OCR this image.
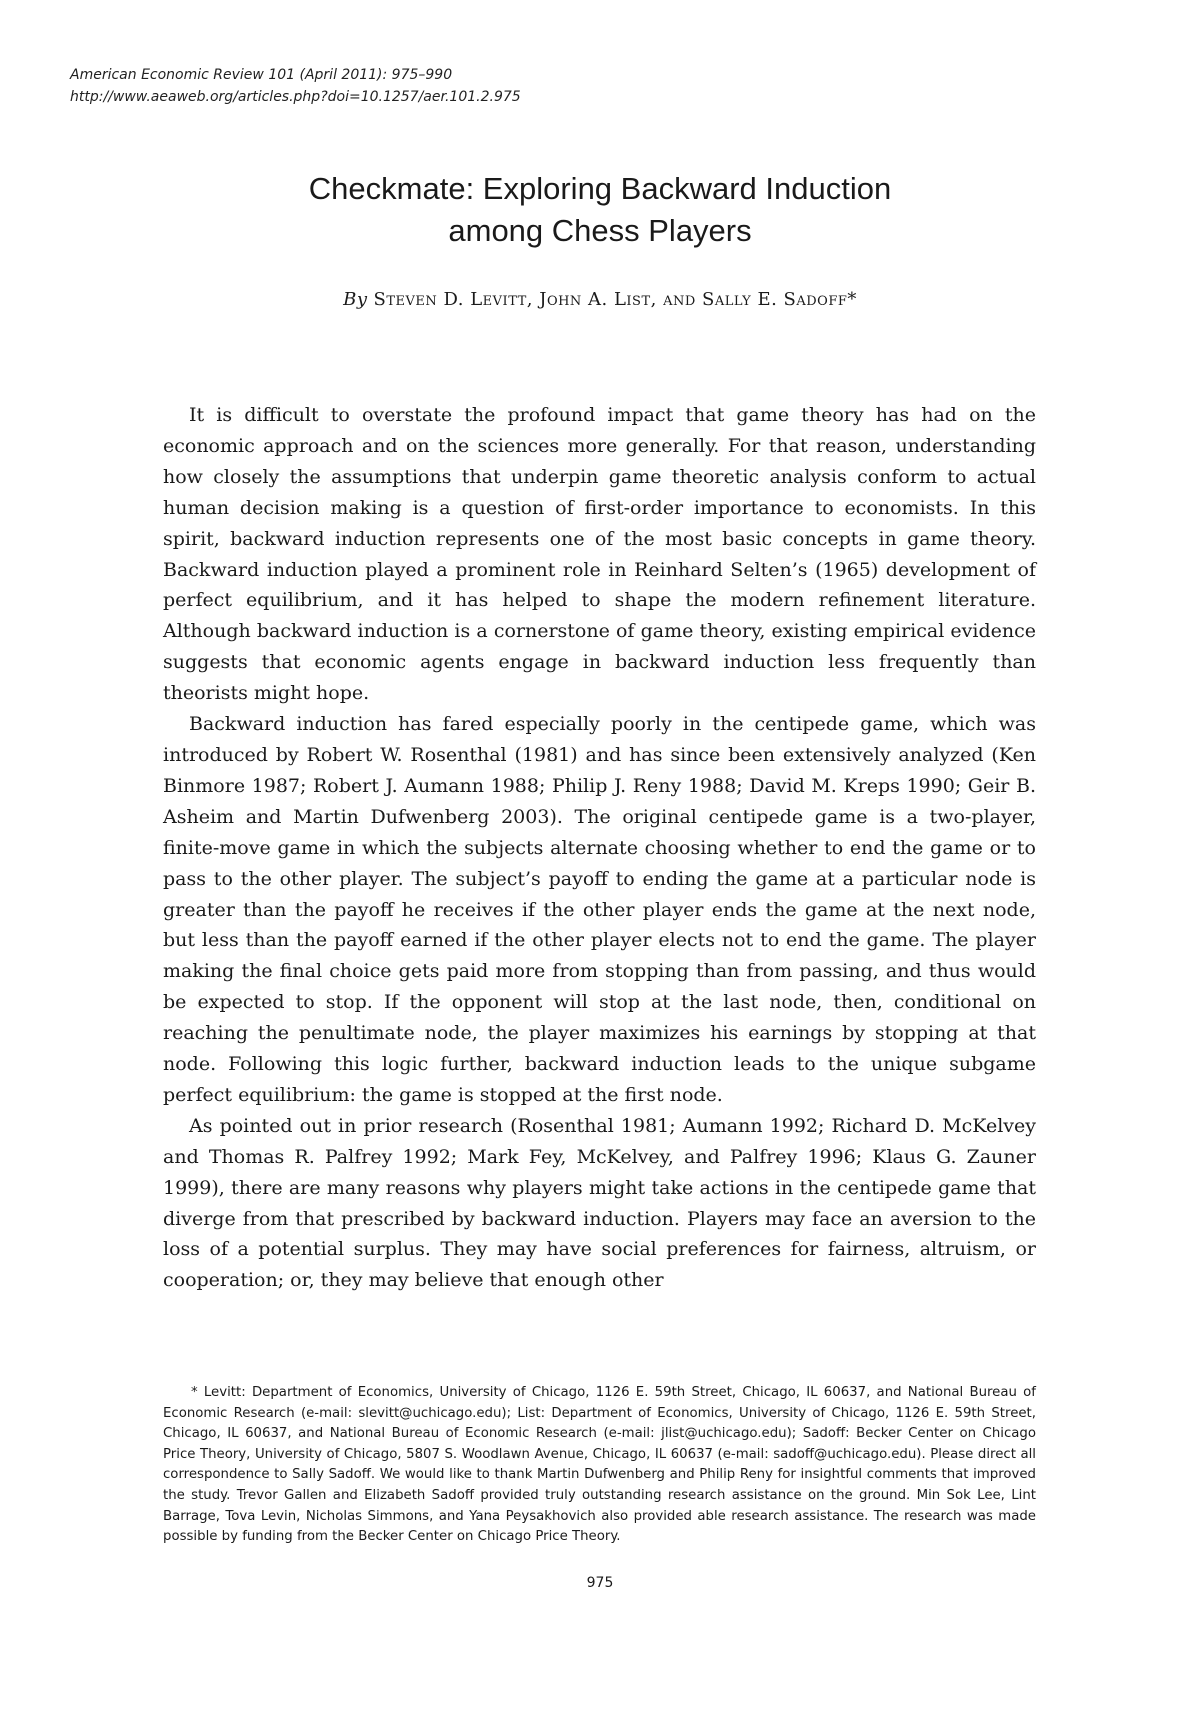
American Economic Review 101 (April 2011): 975–990
http://www.aeaweb.org/articles.php?doi=10.1257/aer.101.2.975
Checkmate: Exploring Backward Induction
among Chess Players
By Steven D. Levitt, John A. List, and Sally E. Sadoff*

It is difficult to overstate the profound impact that game theory has had on the economic approach and on the sciences more generally. For that reason, understanding how closely the assumptions that underpin game theoretic analysis conform to actual human decision making is a question of first-order importance to economists. In this spirit, backward induction represents one of the most basic concepts in game theory. Backward induction played a prominent role in Reinhard Selten’s (1965) development of perfect equilibrium, and it has helped to shape the modern refinement literature. Although backward induction is a cornerstone of game theory, existing empirical evidence suggests that economic agents engage in backward induction less frequently than theorists might hope.

Backward induction has fared especially poorly in the centipede game, which was introduced by Robert W. Rosenthal (1981) and has since been extensively analyzed (Ken Binmore 1987; Robert J. Aumann 1988; Philip J. Reny 1988; David M. Kreps 1990; Geir B. Asheim and Martin Dufwenberg 2003). The original centipede game is a two-player, finite-move game in which the subjects alternate choosing whether to end the game or to pass to the other player. The subject’s payoff to ending the game at a particular node is greater than the payoff he receives if the other player ends the game at the next node, but less than the payoff earned if the other player elects not to end the game. The player making the final choice gets paid more from stopping than from passing, and thus would be expected to stop. If the opponent will stop at the last node, then, conditional on reaching the penultimate node, the player maximizes his earnings by stopping at that node. Following this logic further, backward induction leads to the unique subgame perfect equilibrium: the game is stopped at the first node.

As pointed out in prior research (Rosenthal 1981; Aumann 1992; Richard D. McKelvey and Thomas R. Palfrey 1992; Mark Fey, McKelvey, and Palfrey 1996; Klaus G. Zauner 1999), there are many reasons why players might take actions in the centipede game that diverge from that prescribed by backward induction. Players may face an aversion to the loss of a potential surplus. They may have social preferences for fairness, altruism, or cooperation; or, they may believe that enough other

* Levitt: Department of Economics, University of Chicago, 1126 E. 59th Street, Chicago, IL 60637, and National Bureau of Economic Research (e-mail: slevitt@uchicago.edu); List: Department of Economics, University of Chicago, 1126 E. 59th Street, Chicago, IL 60637, and National Bureau of Economic Research (e-mail: jlist@uchicago.edu); Sadoff: Becker Center on Chicago Price Theory, University of Chicago, 5807 S. Woodlawn Avenue, Chicago, IL 60637 (e-mail: sadoff@uchicago.edu). Please direct all correspondence to Sally Sadoff. We would like to thank Martin Dufwenberg and Philip Reny for insightful comments that improved the study. Trevor Gallen and Elizabeth Sadoff provided truly outstanding research assistance on the ground. Min Sok Lee, Lint Barrage, Tova Levin, Nicholas Simmons, and Yana Peysakhovich also provided able research assistance. The research was made possible by funding from the Becker Center on Chicago Price Theory.

975
